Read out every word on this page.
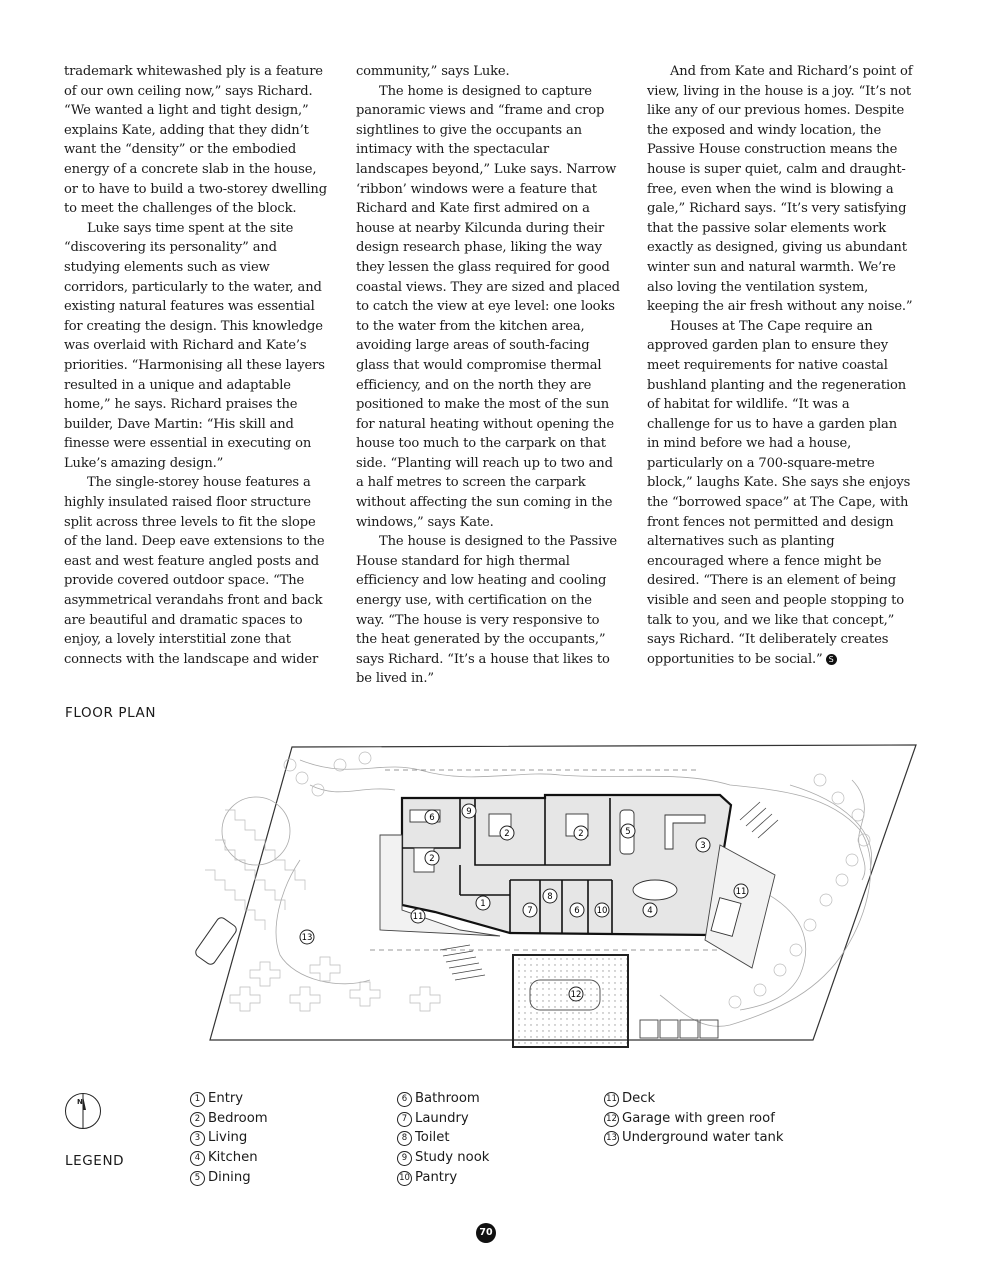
trademark whitewashed ply is a feature of our own ceiling now,” says Richard. “We wanted a light and tight design,” explains Kate, adding that they didn’t want the “density” or the embodied energy of a concrete slab in the house, or to have to build a two-storey dwelling to meet the challenges of the block.

Luke says time spent at the site “discovering its personality” and studying elements such as view corridors, particularly to the water, and existing natural features was essential for creating the design. This knowledge was overlaid with Richard and Kate’s priorities. “Harmonising all these layers resulted in a unique and adaptable home,” he says. Richard praises the builder, Dave Martin: “His skill and finesse were essential in executing on Luke’s amazing design.”

The single-storey house features a highly insulated raised floor structure split across three levels to fit the slope of the land. Deep eave extensions to the east and west feature angled posts and provide covered outdoor space. “The asymmetrical verandahs front and back are beautiful and dramatic spaces to enjoy, a lovely interstitial zone that connects with the landscape and wider

community,” says Luke.

The home is designed to capture panoramic views and “frame and crop sightlines to give the occupants an intimacy with the spectacular landscapes beyond,” Luke says. Narrow ‘ribbon’ windows were a feature that Richard and Kate first admired on a house at nearby Kilcunda during their design research phase, liking the way they lessen the glass required for good coastal views. They are sized and placed to catch the view at eye level: one looks to the water from the kitchen area, avoiding large areas of south-facing glass that would compromise thermal efficiency, and on the north they are positioned to make the most of the sun for natural heating without opening the house too much to the carpark on that side. “Planting will reach up to two and a half metres to screen the carpark without affecting the sun coming in the windows,” says Kate.

The house is designed to the Passive House standard for high thermal efficiency and low heating and cooling energy use, with certification on the way. “The house is very responsive to the heat generated by the occupants,” says Richard. “It’s a house that likes to be lived in.”

And from Kate and Richard’s point of view, living in the house is a joy. “It’s not like any of our previous homes. Despite the exposed and windy location, the Passive House construction means the house is super quiet, calm and draught-free, even when the wind is blowing a gale,” Richard says. “It’s very satisfying that the passive solar elements work exactly as designed, giving us abundant winter sun and natural warmth. We’re also loving the ventilation system, keeping the air fresh without any noise.”

Houses at The Cape require an approved garden plan to ensure they meet requirements for native coastal bushland planting and the regeneration of habitat for wildlife. “It was a challenge for us to have a garden plan in mind before we had a house, particularly on a 700-square-metre block,” laughs Kate. She says she enjoys the “borrowed space” at The Cape, with front fences not permitted and design alternatives such as planting encouraged where a fence might be desired. “There is an element of being visible and seen and people stopping to talk to you, and we like that concept,” says Richard. “It deliberately creates opportunities to be social.” S

FLOOR PLAN
9
6
2	2
2
5
3
1
7
8
6 10	4
11
11
13
12
N
LEGEND
1 Entry
2 Bedroom
3 Living
4 Kitchen
5 Dining
6 Bathroom
7 Laundry
8 Toilet
9 Study nook
10 Pantry
11 Deck
12 Garage with green roof
13 Underground water tank
70
